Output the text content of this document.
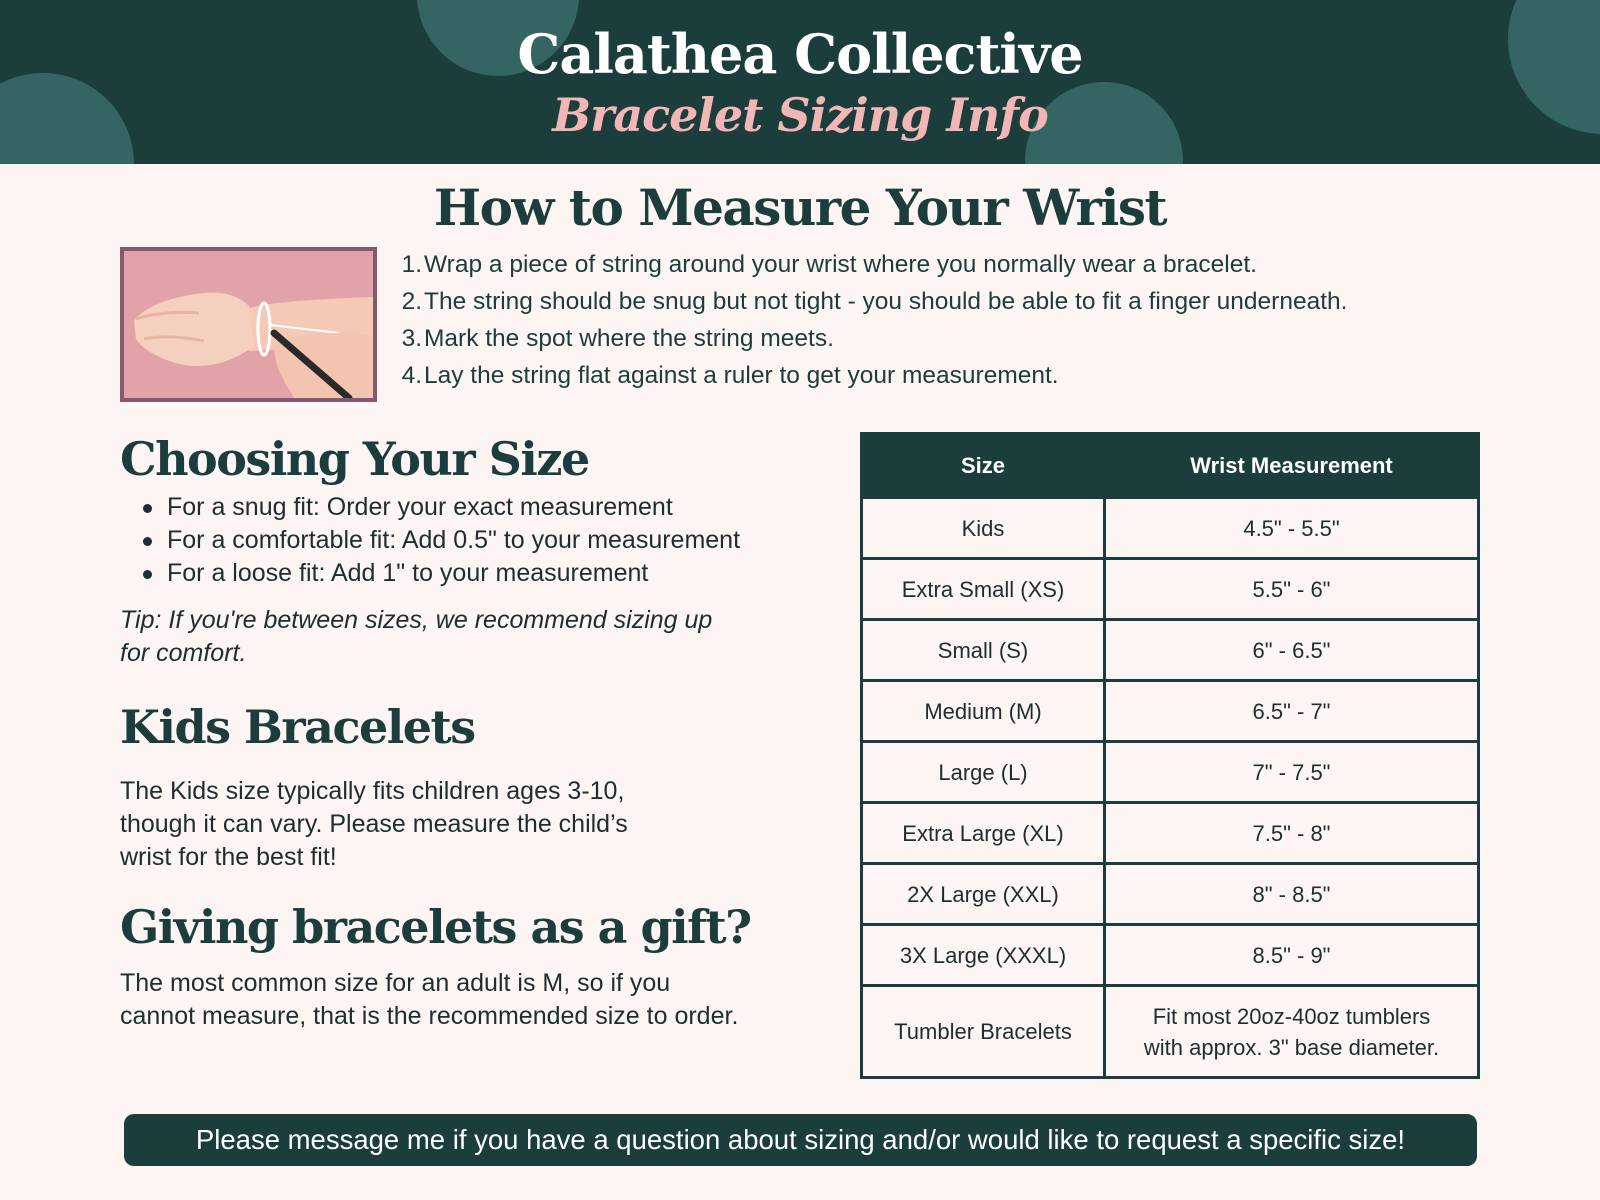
Calathea Collective
Bracelet Sizing Info
How to Measure Your Wrist
1. Wrap a piece of string around your wrist where you normally wear a bracelet.
2. The string should be snug but not tight - you should be able to fit a finger underneath.
3. Mark the spot where the string meets.
4. Lay the string flat against a ruler to get your measurement.
Choosing Your Size
For a snug fit: Order your exact measurement
For a comfortable fit: Add 0.5" to your measurement
For a loose fit: Add 1" to your measurement
Tip: If you're between sizes, we recommend sizing up
for comfort.
Kids Bracelets
The Kids size typically fits children ages 3-10,
though it can vary. Please measure the child’s
wrist for the best fit!
Giving bracelets as a gift?
The most common size for an adult is M, so if you
cannot measure, that is the recommended size to order.
Size	Wrist Measurement
Kids	4.5" - 5.5"
Extra Small (XS)	5.5" - 6"
Small (S)	6" - 6.5"
Medium (M)	6.5" - 7"
Large (L)	7" - 7.5"
Extra Large (XL)	7.5" - 8"
2X Large (XXL)	8" - 8.5"
3X Large (XXXL)	8.5" - 9"
Tumbler Bracelets	Fit most 20oz-40oz tumblers
with approx. 3" base diameter.
Please message me if you have a question about sizing and/or would like to request a specific size!
